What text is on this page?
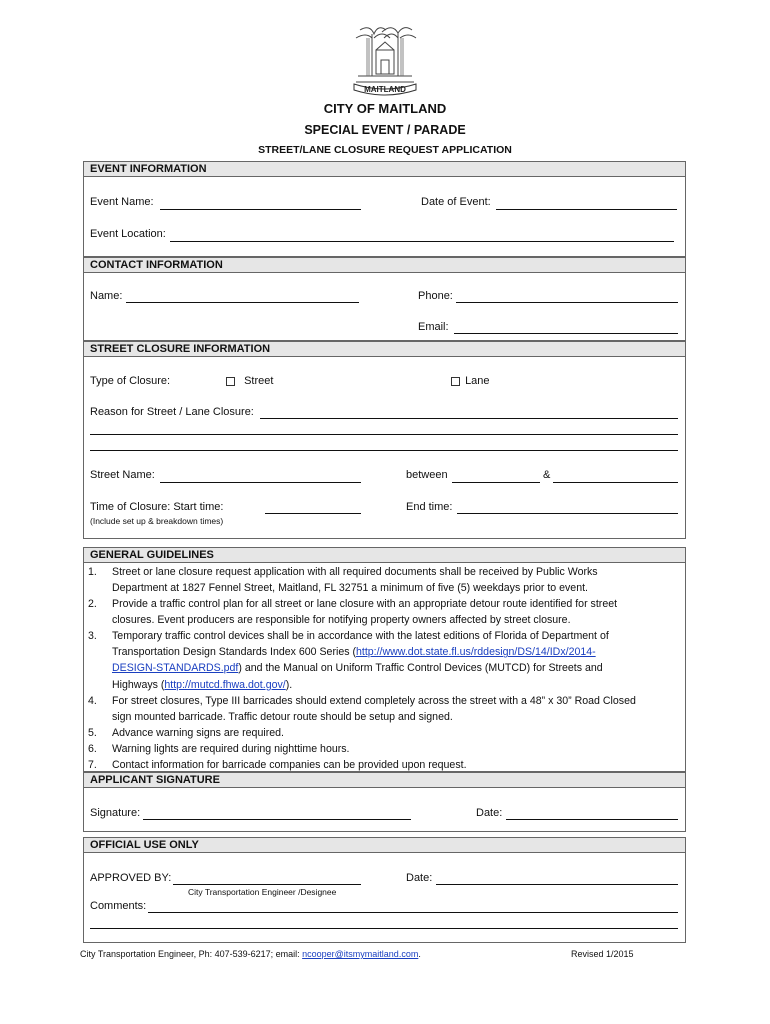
MAITLAND
CITY OF MAITLAND
SPECIAL EVENT / PARADE
STREET/LANE CLOSURE REQUEST APPLICATION
EVENT INFORMATION
Event Name:	Date of Event:
Event Location:
CONTACT INFORMATION
Name:	Phone:
Email:
STREET CLOSURE INFORMATION
Type of Closure:	Street	Lane
Reason for Street / Lane Closure:
Street Name:	between	&
Time of Closure: Start time:	End time:
(Include set up & breakdown times)
GENERAL GUIDELINES
1. Street or lane closure request application with all required documents shall be received by Public Works
Department at 1827 Fennel Street, Maitland, FL 32751 a minimum of five (5) weekdays prior to event.
2. Provide a traffic control plan for all street or lane closure with an appropriate detour route identified for street
closures. Event producers are responsible for notifying property owners affected by street closure.
3. Temporary traffic control devices shall be in accordance with the latest editions of Florida of Department of
Transportation Design Standards Index 600 Series (http://www.dot.state.fl.us/rddesign/DS/14/IDx/2014-
DESIGN-STANDARDS.pdf) and the Manual on Uniform Traffic Control Devices (MUTCD) for Streets and
Highways (http://mutcd.fhwa.dot.gov/).
4. For street closures, Type III barricades should extend completely across the street with a 48” x 30” Road Closed
sign mounted barricade. Traffic detour route should be setup and signed.
5. Advance warning signs are required.
6. Warning lights are required during nighttime hours.
7. Contact information for barricade companies can be provided upon request.
APPLICANT SIGNATURE
Signature:	Date:
OFFICIAL USE ONLY
APPROVED BY:	Date:
City Transportation Engineer /Designee
Comments:
City Transportation Engineer, Ph: 407-539-6217; email: ncooper@itsmymaitland.com.	Revised 1/2015
